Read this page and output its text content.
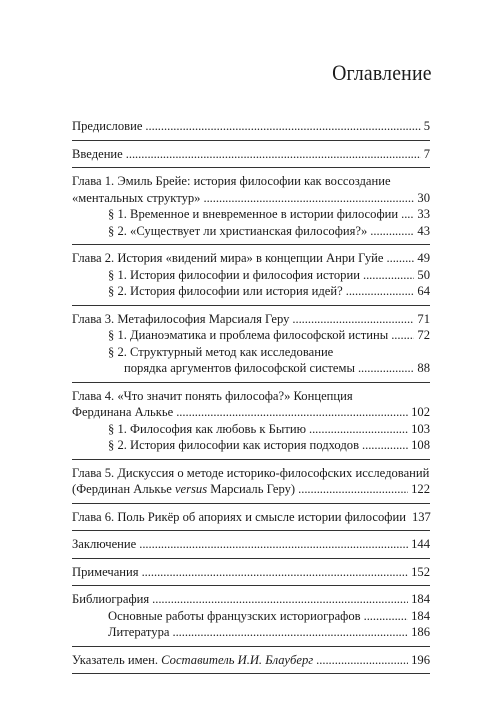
Оглавление
Предисловие . . .	5
Введение . . .	7
Глава 1. Эмиль Брейе: история философии как воссоздание
«ментальных структур» . . .	30
§ 1. Временное и вневременное в истории философии . . . 33
§ 2. «Существует ли христианская философия?» . . .	43
Глава 2. История «видений мира» в концепции Анри Гуйе . . .	49
§ 1. История философии и философия истории . . .	50
§ 2. История философии или история идей? . . .	64
Глава 3. Метафилософия Марсиаля Геру . . .	71
§ 1. Дианоэматика и проблема философской истины . . . 72
§ 2. Структурный метод как исследование
порядка аргументов философской системы . . .	88
Глава 4. «Что значит понять философа?» Концепция
Фердинана Алькье . . .	102
§ 1. Философия как любовь к Бытию . . .	103
§ 2. История философии как история подходов . . .	108
Глава 5. Дискуссия о методе историко-философских исследований
(Фердинан Алькье versus Марсиаль Геру) . . .	122
Глава 6. Поль Рикёр об апориях и смысле истории философии 137
Заключение . . .	144
Примечания . . .	152
Библиография . . .	184
Основные работы французских историографов . . .	184
Литература . . .	186
Указатель имен. Составитель И.И. Блауберг . . .	196
